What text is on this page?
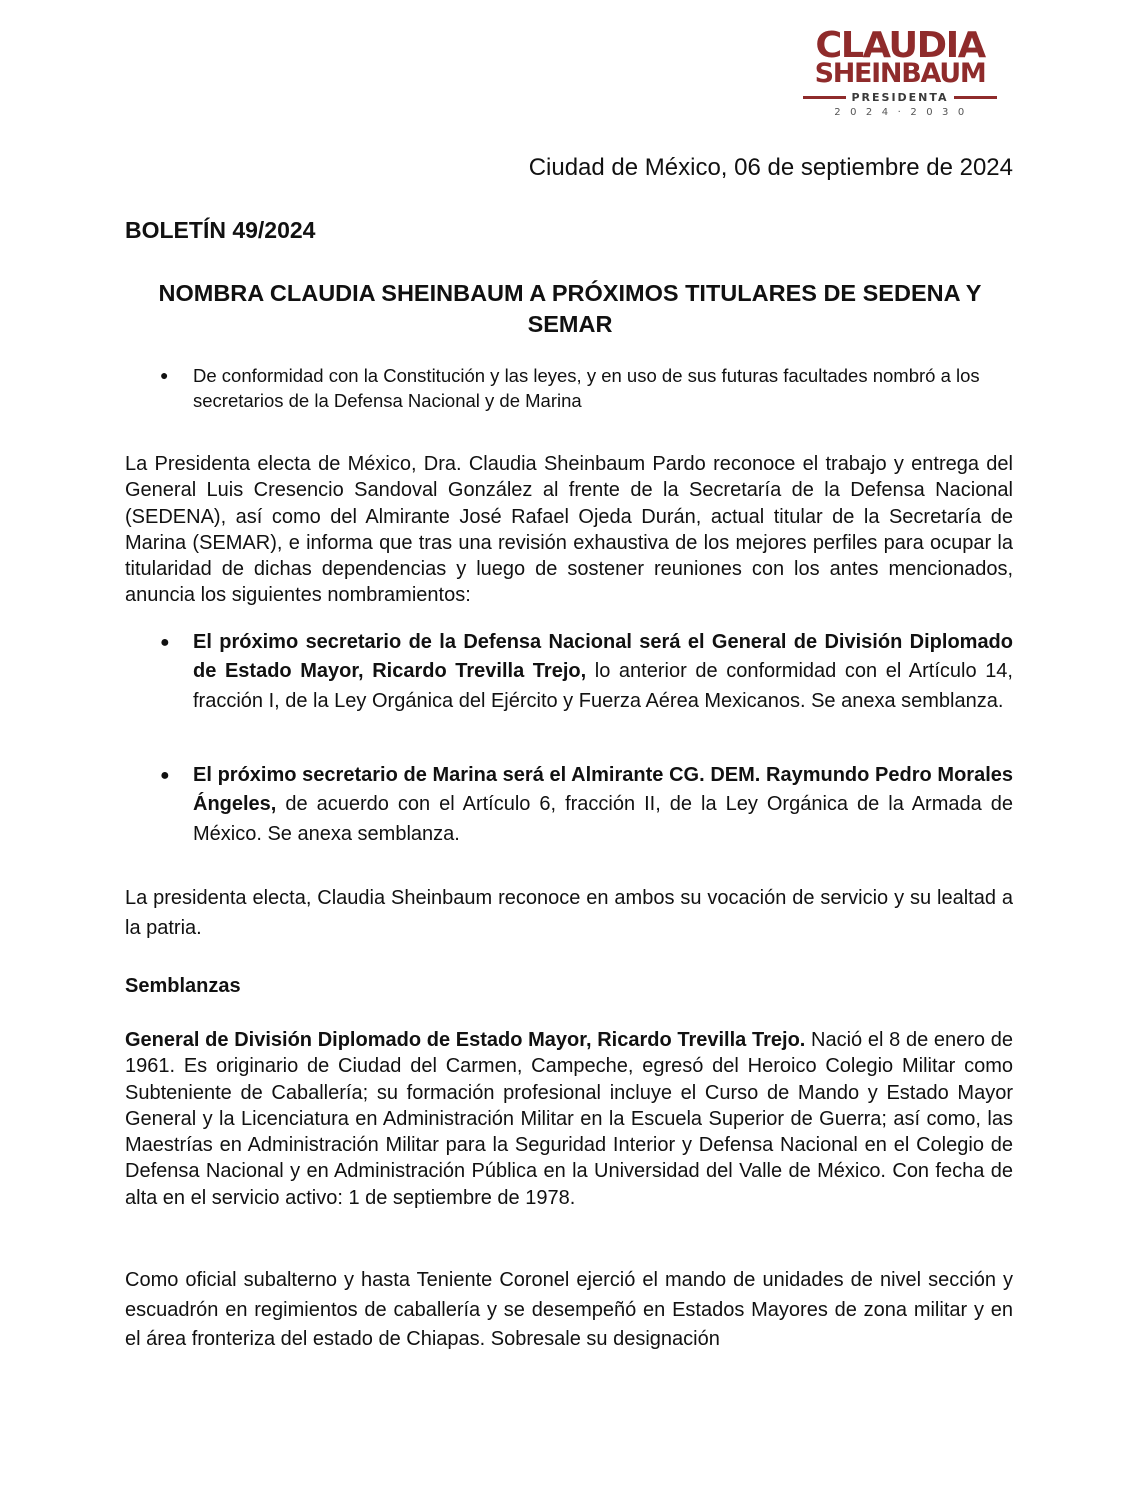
CLAUDIA
SHEINBAUM
PRESIDENTA
2024·2030
Ciudad de México, 06 de septiembre de 2024
BOLETÍN 49/2024
NOMBRA CLAUDIA SHEINBAUM A PRÓXIMOS TITULARES DE SEDENA Y SEMAR
●	De conformidad con la Constitución y las leyes, y en uso de sus futuras facultades nombró a los secretarios de la Defensa Nacional y de Marina
La Presidenta electa de México, Dra. Claudia Sheinbaum Pardo reconoce el trabajo y entrega del General Luis Cresencio Sandoval González al frente de la Secretaría de la Defensa Nacional (SEDENA), así como del Almirante José Rafael Ojeda Durán, actual titular de la Secretaría de Marina (SEMAR), e informa que tras una revisión exhaustiva de los mejores perfiles para ocupar la titularidad de dichas dependencias y luego de sostener reuniones con los antes mencionados, anuncia los siguientes nombramientos:
●	El próximo secretario de la Defensa Nacional será el General de División Diplomado de Estado Mayor, Ricardo Trevilla Trejo, lo anterior de conformidad con el Artículo 14, fracción I, de la Ley Orgánica del Ejército y Fuerza Aérea Mexicanos. Se anexa semblanza.
●	El próximo secretario de Marina será el Almirante CG. DEM. Raymundo Pedro Morales Ángeles, de acuerdo con el Artículo 6, fracción II, de la Ley Orgánica de la Armada de México. Se anexa semblanza.
La presidenta electa, Claudia Sheinbaum reconoce en ambos su vocación de servicio y su lealtad a la patria.
Semblanzas
General de División Diplomado de Estado Mayor, Ricardo Trevilla Trejo. Nació el 8 de enero de 1961. Es originario de Ciudad del Carmen, Campeche, egresó del Heroico Colegio Militar como Subteniente de Caballería; su formación profesional incluye el Curso de Mando y Estado Mayor General y la Licenciatura en Administración Militar en la Escuela Superior de Guerra; así como, las Maestrías en Administración Militar para la Seguridad Interior y Defensa Nacional en el Colegio de Defensa Nacional y en Administración Pública en la Universidad del Valle de México. Con fecha de alta en el servicio activo: 1 de septiembre de 1978.
Como oficial subalterno y hasta Teniente Coronel ejerció el mando de unidades de nivel sección y escuadrón en regimientos de caballería y se desempeñó en Estados Mayores de zona militar y en el área fronteriza del estado de Chiapas. Sobresale su designación
